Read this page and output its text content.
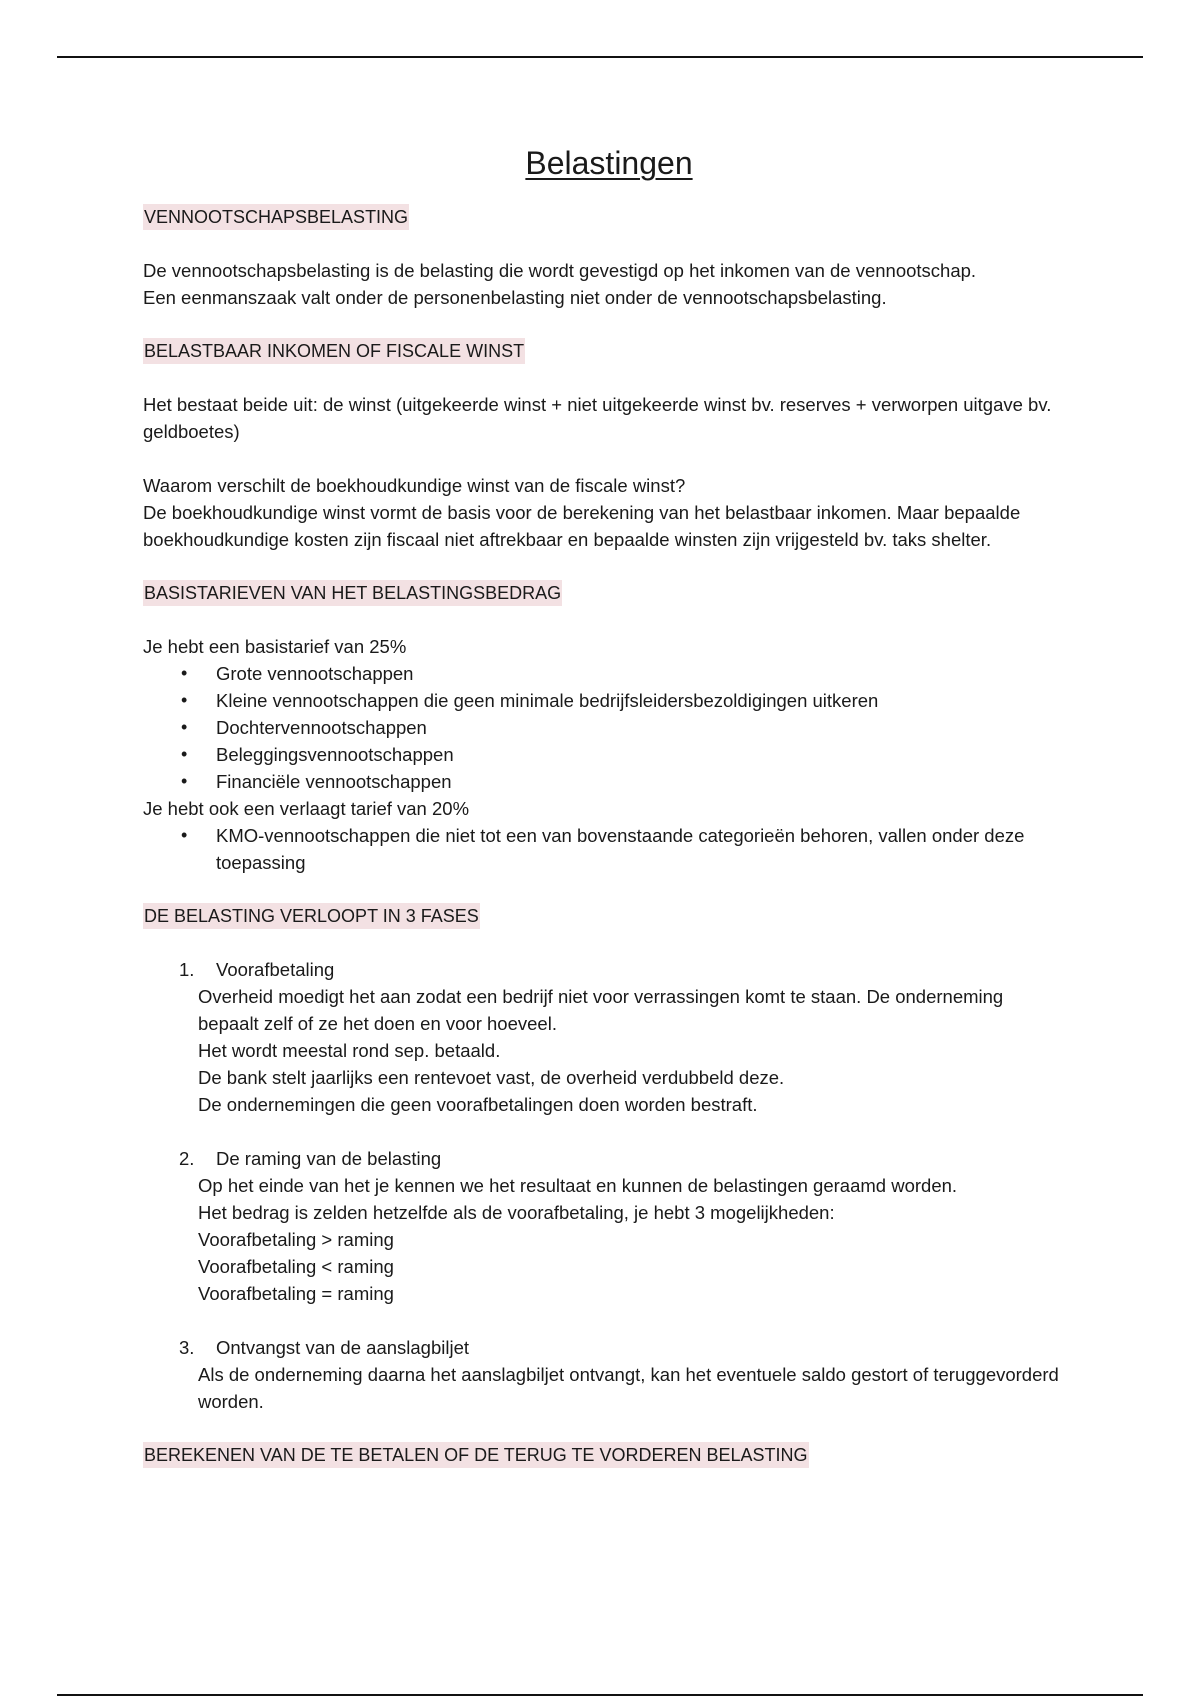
Belastingen
VENNOOTSCHAPSBELASTING

De vennootschapsbelasting is de belasting die wordt gevestigd op het inkomen van de vennootschap.

Een eenmanszaak valt onder de personenbelasting niet onder de vennootschapsbelasting.

BELASTBAAR INKOMEN OF FISCALE WINST

Het bestaat beide uit: de winst (uitgekeerde winst + niet uitgekeerde winst bv. reserves + verworpen uitgave bv. geldboetes)

Waarom verschilt de boekhoudkundige winst van de fiscale winst?

De boekhoudkundige winst vormt de basis voor de berekening van het belastbaar inkomen. Maar bepaalde boekhoudkundige kosten zijn fiscaal niet aftrekbaar en bepaalde winsten zijn vrijgesteld bv. taks shelter.

BASISTARIEVEN VAN HET BELASTINGSBEDRAG

Je hebt een basistarief van 25%

• Grote vennootschappen
• Kleine vennootschappen die geen minimale bedrijfsleidersbezoldigingen uitkeren
• Dochtervennootschappen
• Beleggingsvennootschappen
• Financiële vennootschappen

Je hebt ook een verlaagt tarief van 20%

• KMO-vennootschappen die niet tot een van bovenstaande categorieën behoren, vallen onder deze toepassing
DE BELASTING VERLOOPT IN 3 FASES
1. Voorafbetaling

Overheid moedigt het aan zodat een bedrijf niet voor verrassingen komt te staan. De onderneming bepaalt zelf of ze het doen en voor hoeveel.

Het wordt meestal rond sep. betaald.

De bank stelt jaarlijks een rentevoet vast, de overheid verdubbeld deze.

De ondernemingen die geen voorafbetalingen doen worden bestraft.

2. De raming van de belasting

Op het einde van het je kennen we het resultaat en kunnen de belastingen geraamd worden.

Het bedrag is zelden hetzelfde als de voorafbetaling, je hebt 3 mogelijkheden:

Voorafbetaling > raming

Voorafbetaling < raming

Voorafbetaling = raming

3. Ontvangst van de aanslagbiljet

Als de onderneming daarna het aanslagbiljet ontvangt, kan het eventuele saldo gestort of teruggevorderd worden.

BEREKENEN VAN DE TE BETALEN OF DE TERUG TE VORDEREN BELASTING
